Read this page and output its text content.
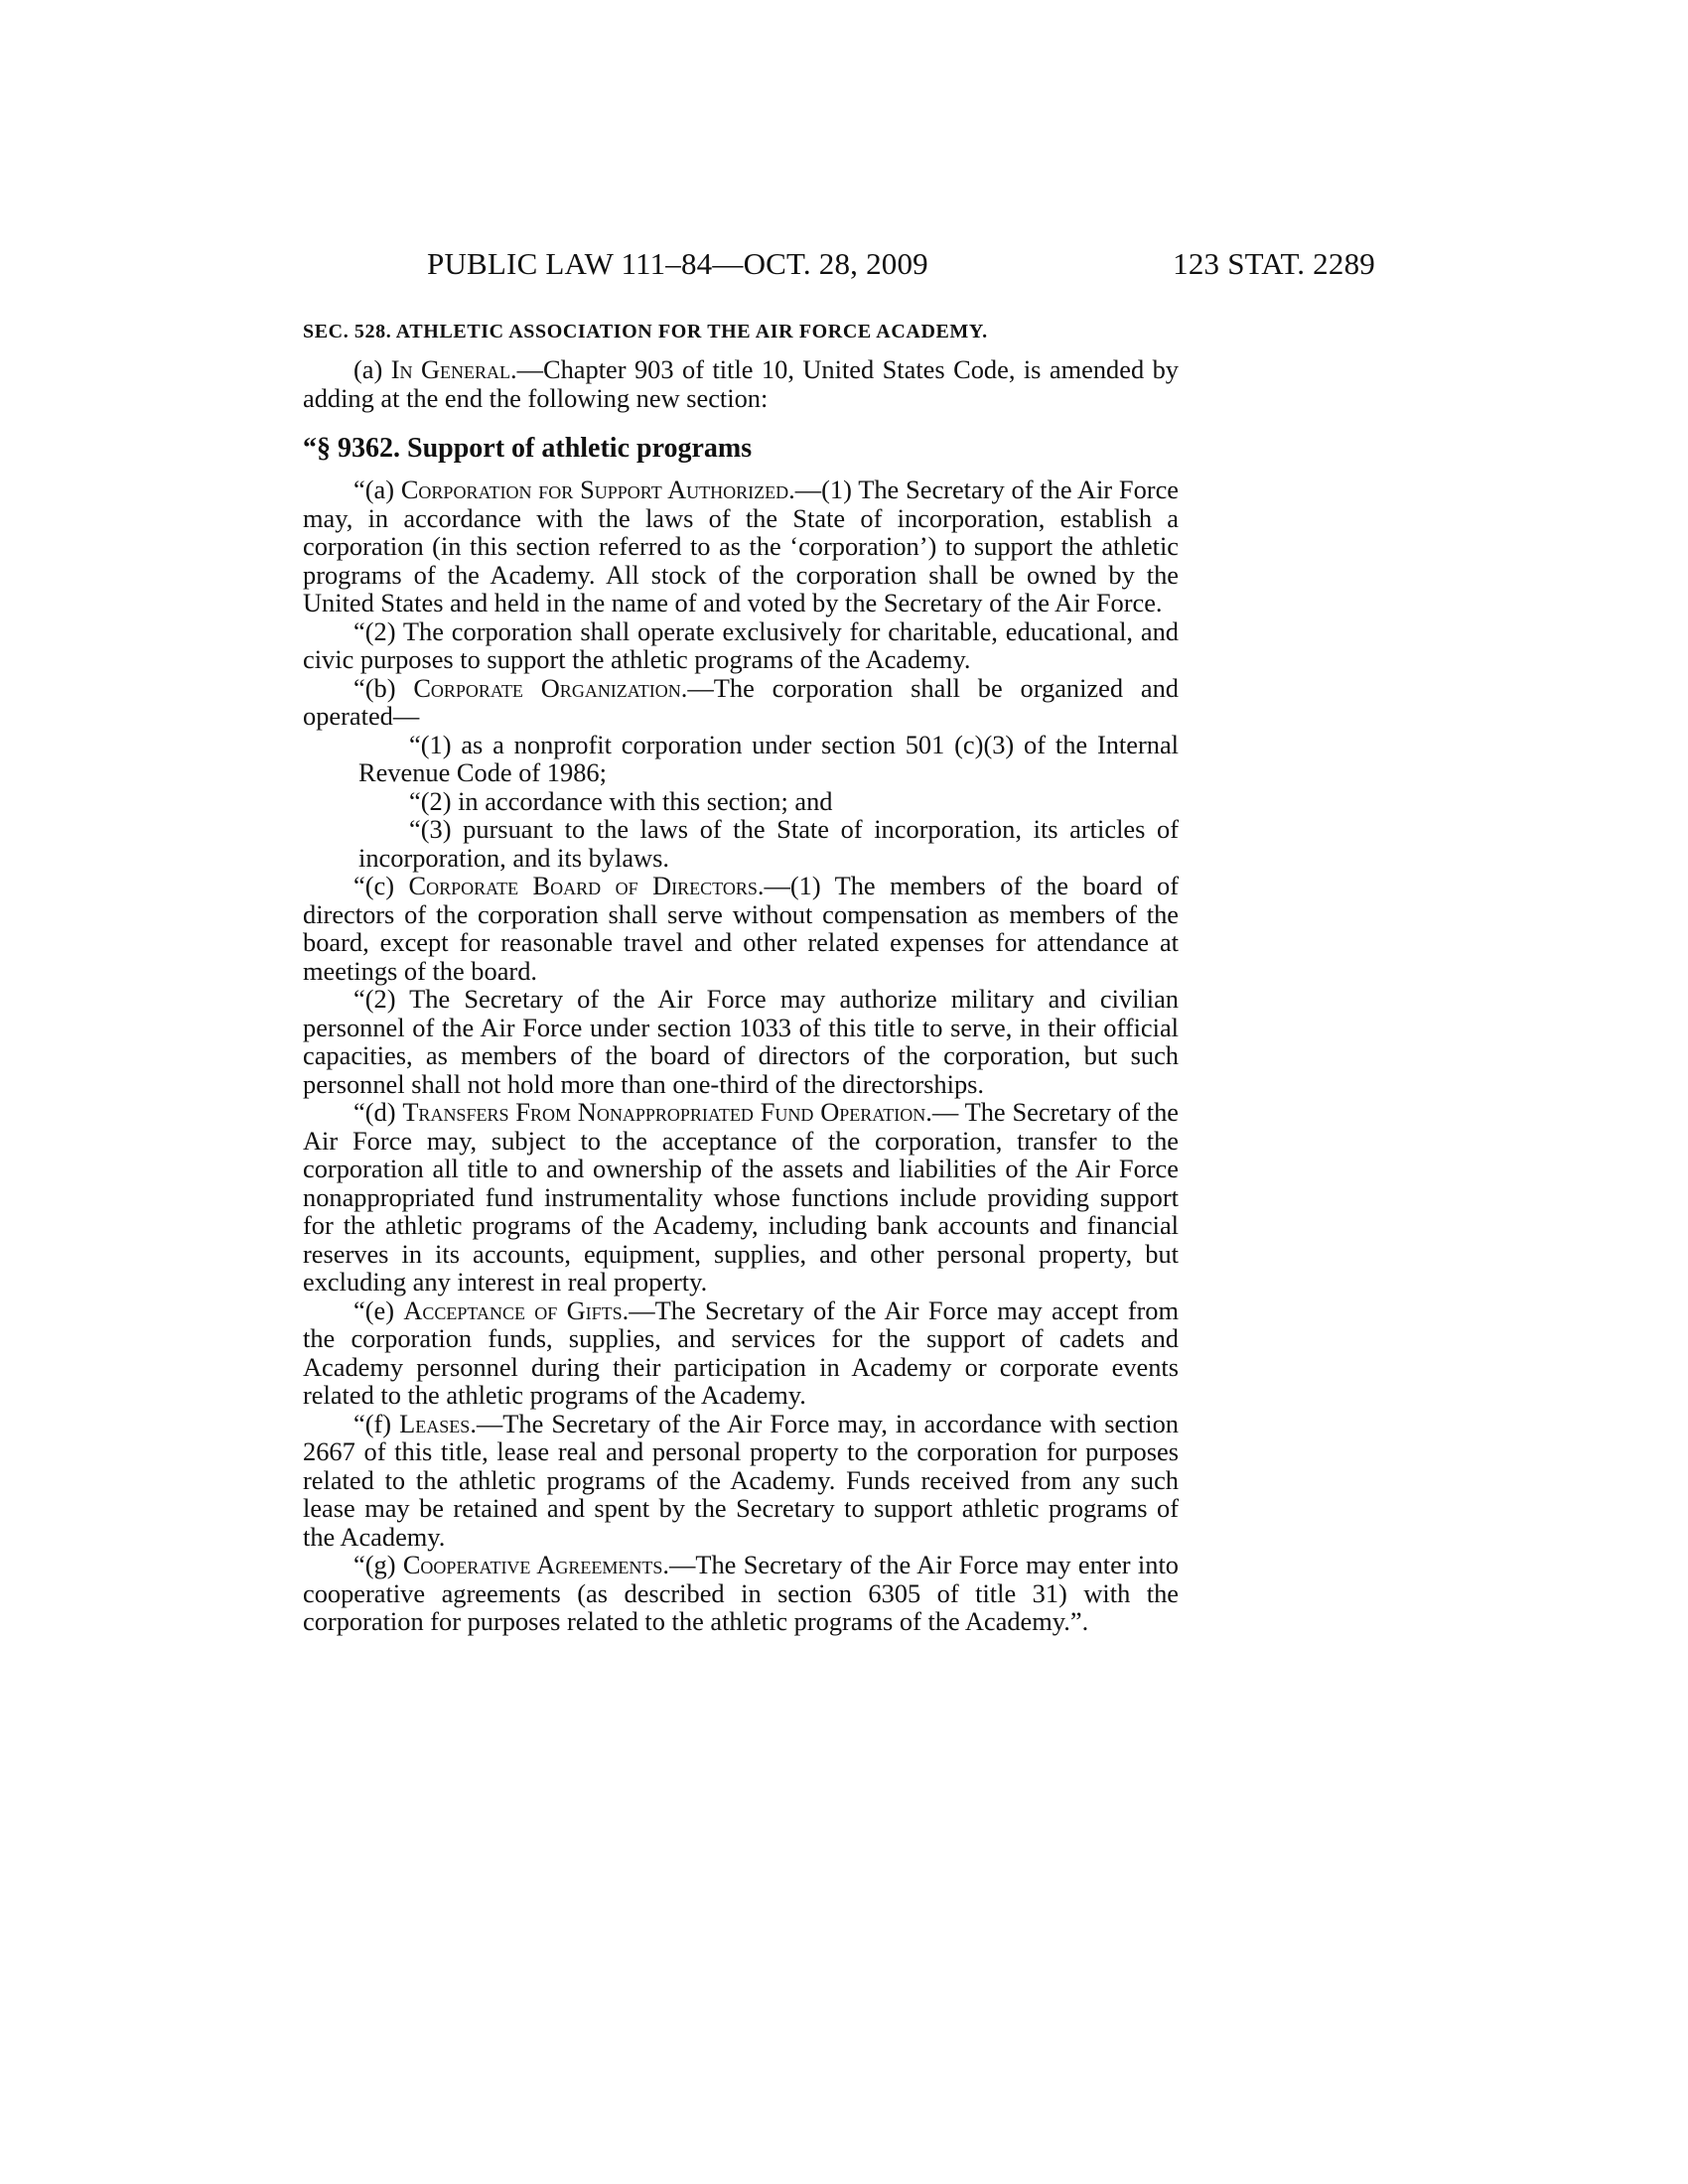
PUBLIC LAW 111–84—OCT. 28, 2009	123 STAT. 2289
SEC. 528. ATHLETIC ASSOCIATION FOR THE AIR FORCE ACADEMY.

(a) In General.—Chapter 903 of title 10, United States Code, is amended by adding at the end the following new section:

“§ 9362. Support of athletic programs

“(a) Corporation for Support Authorized.—(1) The Secretary of the Air Force may, in accordance with the laws of the State of incorporation, establish a corporation (in this section referred to as the ‘corporation’) to support the athletic programs of the Academy. All stock of the corporation shall be owned by the United States and held in the name of and voted by the Secretary of the Air Force.

“(2) The corporation shall operate exclusively for charitable, educational, and civic purposes to support the athletic programs of the Academy.

“(b) Corporate Organization.—The corporation shall be organized and operated—

“(1) as a nonprofit corporation under section 501 (c)(3) of the Internal Revenue Code of 1986;

“(2) in accordance with this section; and

“(3) pursuant to the laws of the State of incorporation, its articles of incorporation, and its bylaws.

“(c) Corporate Board of Directors.—(1) The members of the board of directors of the corporation shall serve without compensation as members of the board, except for reasonable travel and other related expenses for attendance at meetings of the board.

“(2) The Secretary of the Air Force may authorize military and civilian personnel of the Air Force under section 1033 of this title to serve, in their official capacities, as members of the board of directors of the corporation, but such personnel shall not hold more than one-third of the directorships.

“(d) Transfers From Nonappropriated Fund Operation.— The Secretary of the Air Force may, subject to the acceptance of the corporation, transfer to the corporation all title to and ownership of the assets and liabilities of the Air Force nonappropriated fund instrumentality whose functions include providing support for the athletic programs of the Academy, including bank accounts and financial reserves in its accounts, equipment, supplies, and other personal property, but excluding any interest in real property.

“(e) Acceptance of Gifts.—The Secretary of the Air Force may accept from the corporation funds, supplies, and services for the support of cadets and Academy personnel during their participation in Academy or corporate events related to the athletic programs of the Academy.

“(f) Leases.—The Secretary of the Air Force may, in accordance with section 2667 of this title, lease real and personal property to the corporation for purposes related to the athletic programs of the Academy. Funds received from any such lease may be retained and spent by the Secretary to support athletic programs of the Academy.

“(g) Cooperative Agreements.—The Secretary of the Air Force may enter into cooperative agreements (as described in section 6305 of title 31) with the corporation for purposes related to the athletic programs of the Academy.”.
